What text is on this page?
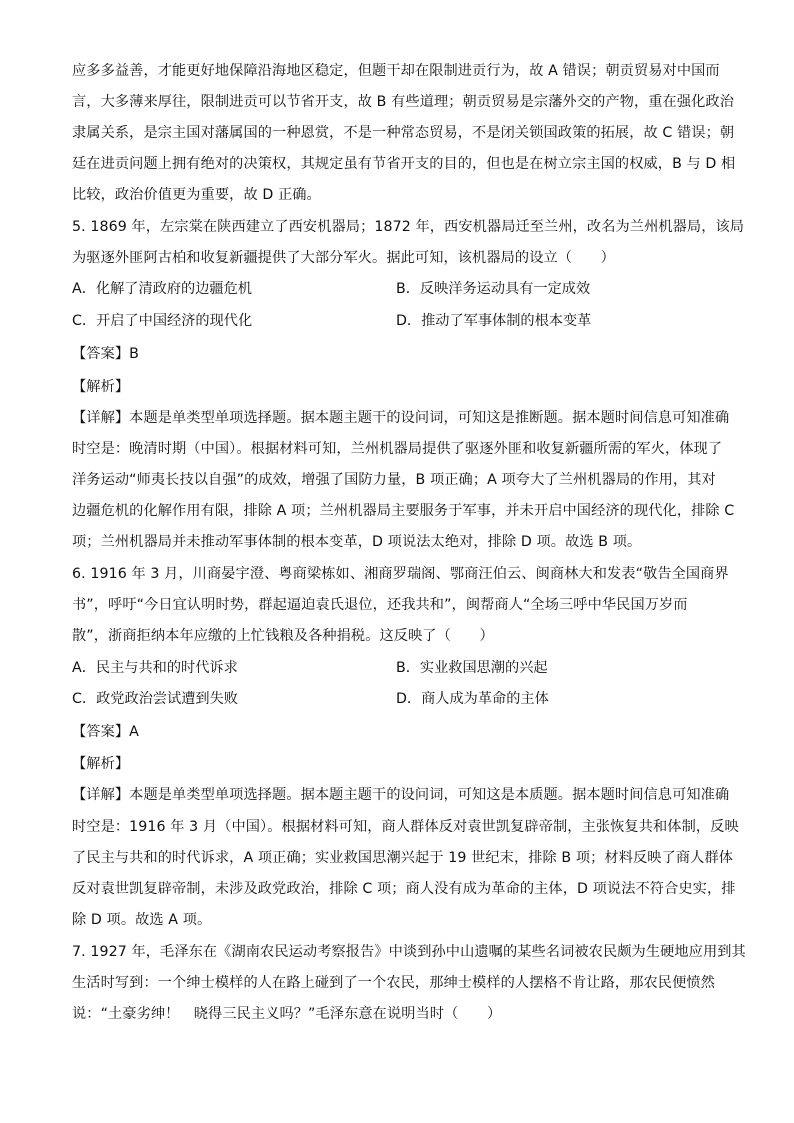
应多多益善，才能更好地保障沿海地区稳定，但题干却在限制进贡行为，故 A 错误；朝贡贸易对中国而
言，大多薄来厚往，限制进贡可以节省开支，故 B 有些道理；朝贡贸易是宗藩外交的产物，重在强化政治
隶属关系，是宗主国对藩属国的一种恩赏，不是一种常态贸易，不是闭关锁国政策的拓展，故 C 错误；朝
廷在进贡问题上拥有绝对的决策权，其规定虽有节省开支的目的，但也是在树立宗主国的权威，B 与 D 相
比较，政治价值更为重要，故 D 正确。
5. 1869 年，左宗棠在陕西建立了西安机器局；1872 年，西安机器局迁至兰州，改名为兰州机器局，该局
为驱逐外匪阿古柏和收复新疆提供了大部分军火。据此可知，该机器局的设立（　　）
A．化解了清政府的边疆危机	B．反映洋务运动具有一定成效
C．开启了中国经济的现代化	D．推动了军事体制的根本变革
【答案】B
【解析】
【详解】本题是单类型单项选择题。据本题主题干的设问词，可知这是推断题。据本题时间信息可知准确
时空是：晚清时期（中国）。根据材料可知，兰州机器局提供了驱逐外匪和收复新疆所需的军火，体现了
洋务运动“师夷长技以自强”的成效，增强了国防力量，B 项正确；A 项夸大了兰州机器局的作用，其对
边疆危机的化解作用有限，排除 A 项；兰州机器局主要服务于军事，并未开启中国经济的现代化，排除 C
项；兰州机器局并未推动军事体制的根本变革，D 项说法太绝对，排除 D 项。故选 B 项。
6. 1916 年 3 月，川商晏宇澄、粤商梁栋如、湘商罗瑞阁、鄂商汪伯云、闽商林大和发表“敬告全国商界
书”，呼吁“今日宜认明时势，群起逼迫袁氏退位，还我共和”，闽帮商人“全场三呼中华民国万岁而
散”，浙商拒纳本年应缴的上忙钱粮及各种捐税。这反映了（　　）
A．民主与共和的时代诉求	B．实业救国思潮的兴起
C．政党政治尝试遭到失败	D．商人成为革命的主体
【答案】A
【解析】
【详解】本题是单类型单项选择题。据本题主题干的设问词，可知这是本质题。据本题时间信息可知准确
时空是：1916 年 3 月（中国）。根据材料可知，商人群体反对袁世凯复辟帝制，主张恢复共和体制，反映
了民主与共和的时代诉求，A 项正确；实业救国思潮兴起于 19 世纪末，排除 B 项；材料反映了商人群体
反对袁世凯复辟帝制，未涉及政党政治，排除 C 项；商人没有成为革命的主体，D 项说法不符合史实，排
除 D 项。故选 A 项。
7. 1927 年，毛泽东在《湖南农民运动考察报告》中谈到孙中山遗嘱的某些名词被农民颇为生硬地应用到其
生活时写到：一个绅士模样的人在路上碰到了一个农民，那绅士模样的人摆格不肯让路，那农民便愤然
说：“土豪劣绅！　晓得三民主义吗？”毛泽东意在说明当时（　　）
